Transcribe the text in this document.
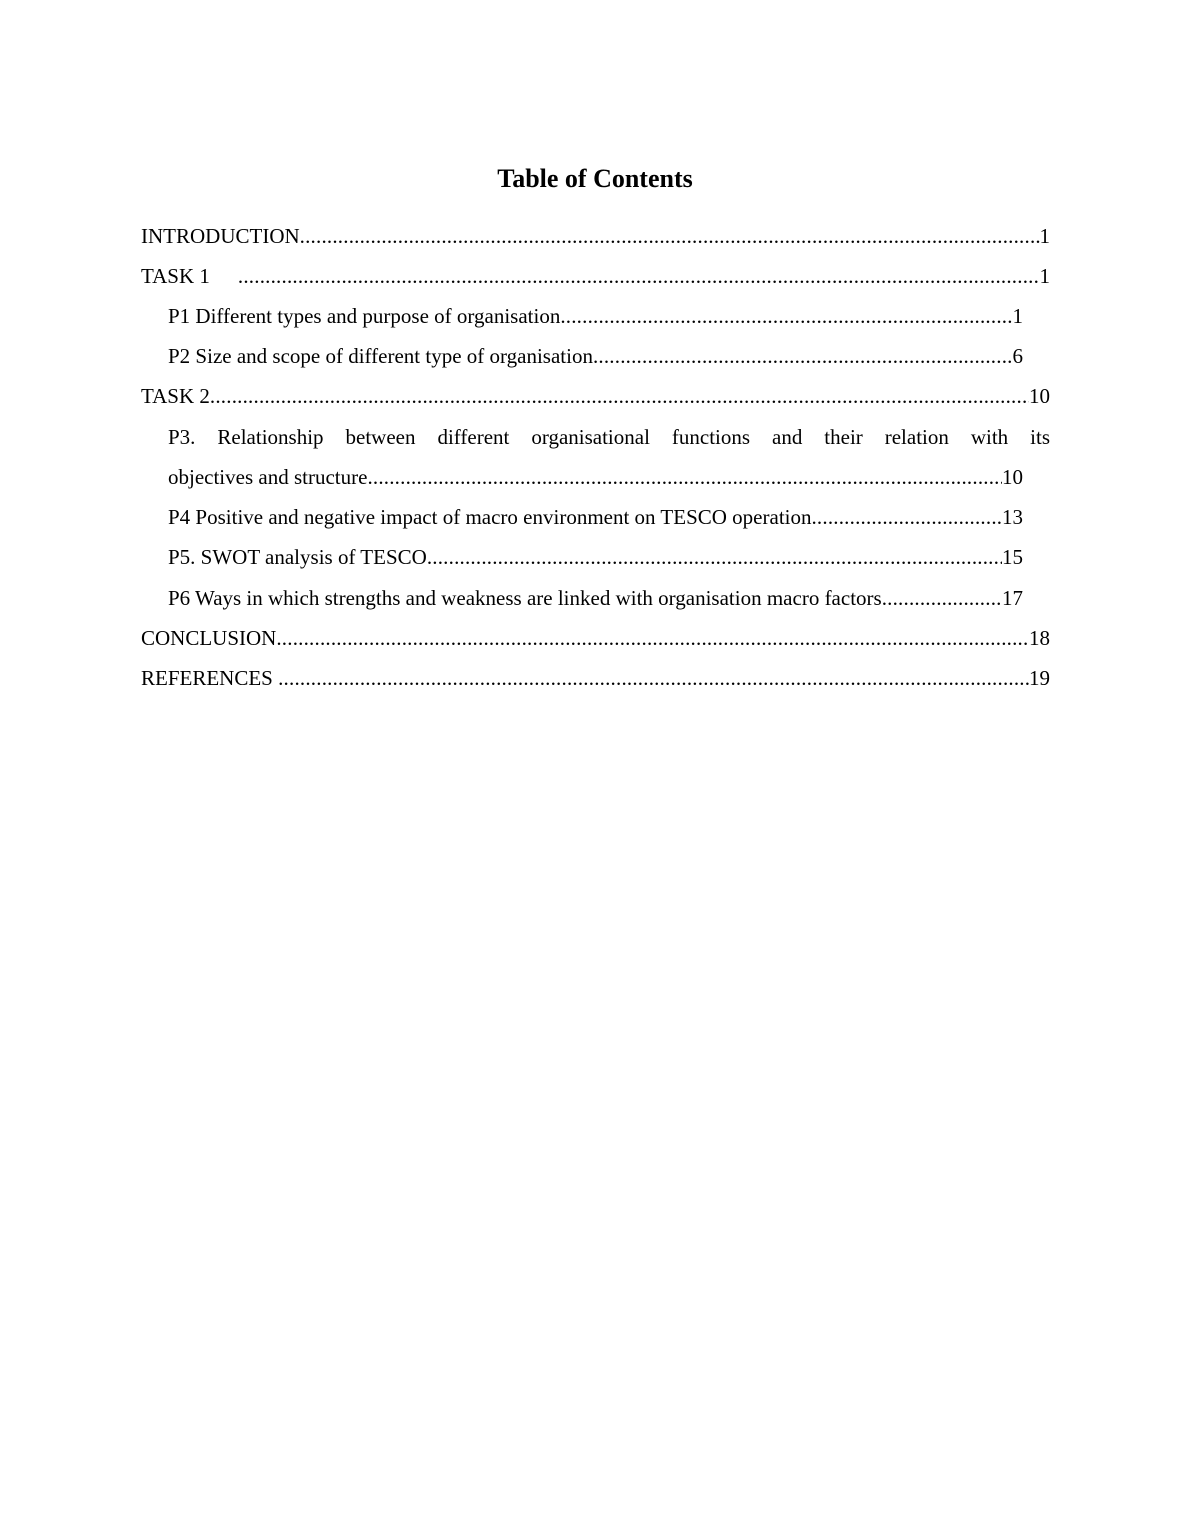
Table of Contents
INTRODUCTION .....	1
TASK 1 .....	1
P1 Different types and purpose of organisation .....	1
P2 Size and scope of different type of organisation .....	6
TASK 2 .....	10
P3. Relationship between different organisational functions and their relation with its
objectives and structure .....	10
P4 Positive and negative impact of macro environment on TESCO operation .....	13
P5. SWOT analysis of TESCO .....	15
P6 Ways in which strengths and weakness are linked with organisation macro factors .....	17
CONCLUSION .....	18
REFERENCES .....	19
